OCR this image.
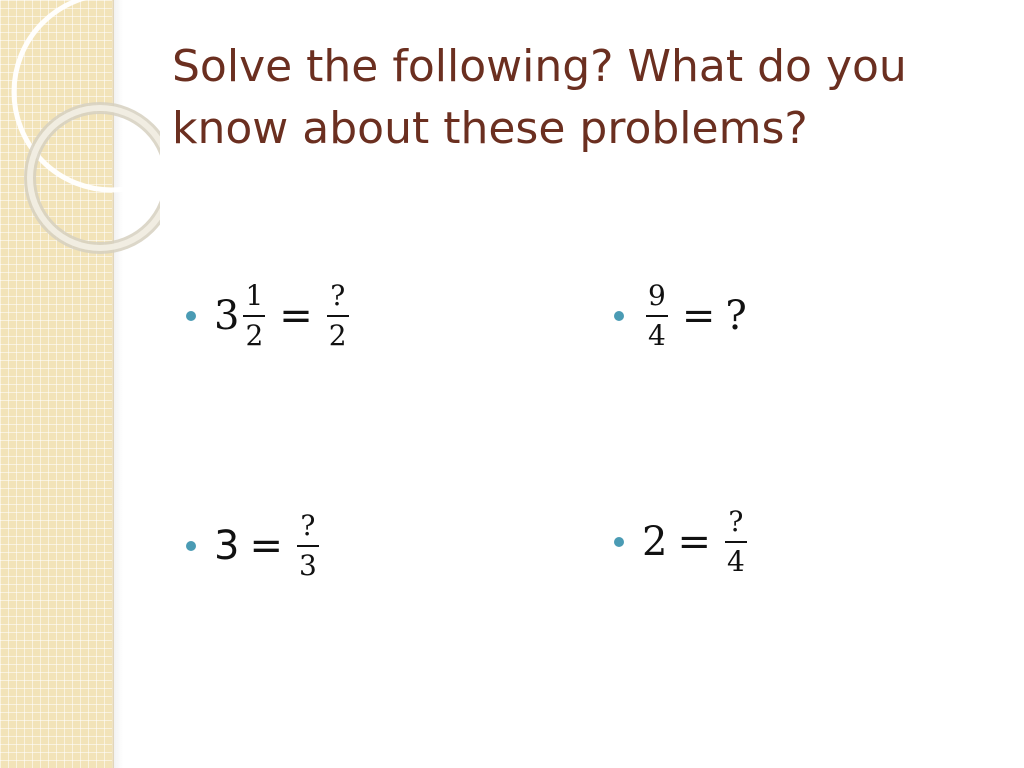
Solve the following? What do you know about these problems?
$3 \frac{1}{2} = \frac{?}{2}$	$\frac{9}{4}$ = ?
$3 = \frac{?}{3}$	$2 = \frac{?}{4}$
